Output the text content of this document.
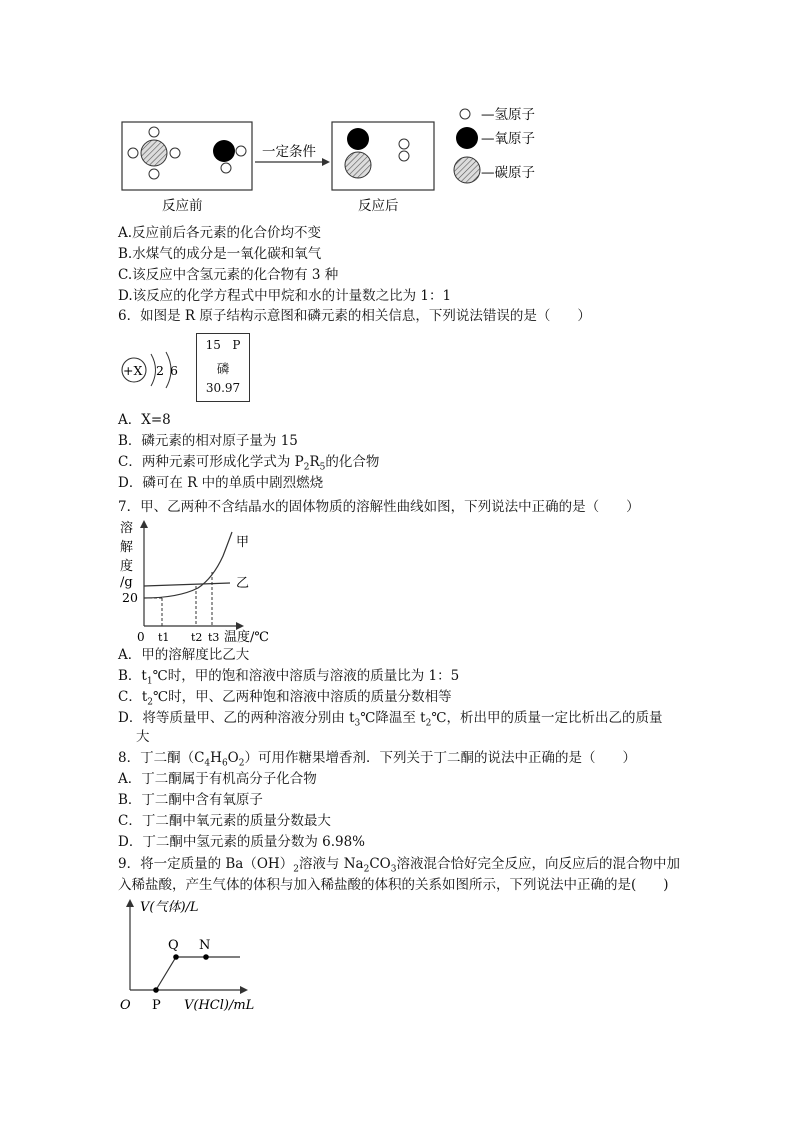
一定条件
反应前	反应后
—氢原子
—氧原子
—碳原子
A.反应前后各元素的化合价均不变
B.水煤气的成分是一氧化碳和氧气
C.该反应中含氢元素的化合物有 3 种
D.该反应的化学方程式中甲烷和水的计量数之比为 1：1
6．如图是 R 原子结构示意图和磷元素的相关信息，下列说法错误的是（　　）
+X 2 6
15 P
磷
30.97
A．X=8
B．磷元素的相对原子量为 15
C．两种元素可形成化学式为 $P_2R_5$的化合物
D．磷可在 R 中的单质中剧烈燃烧
7．甲、乙两种不含结晶水的固体物质的溶解性曲线如图，下列说法中正确的是（　　）
溶
解
度
/g
甲
乙
20
0 t1 t2 t3 温度/℃
A．甲的溶解度比乙大
B．$t_1℃$时，甲的饱和溶液中溶质与溶液的质量比为 1：5
C．$t_2℃$时，甲、乙两种饱和溶液中溶质的质量分数相等
D．将等质量甲、乙的两种溶液分别由 $t_3℃$降温至 $t_2℃$，析出甲的质量一定比析出乙的质量
大
8．丁二酮$(C_4H_6O_2)$可用作糖果增香剂．下列关于丁二酮的说法中正确的是（　　）
A．丁二酮属于有机高分子化合物
B．丁二酮中含有氧原子
C．丁二酮中氧元素的质量分数最大
D．丁二酮中氢元素的质量分数为 6.98%
9．将一定质量的 $Ba(OH)_2$溶液与 $Na_2CO_3$溶液混合恰好完全反应，向反应后的混合物中加
入稀盐酸，产生气体的体积与加入稀盐酸的体积的关系如图所示，下列说法中正确的是(　　)
V(气体)/L
V(HCl)/mL
O P
Q N
